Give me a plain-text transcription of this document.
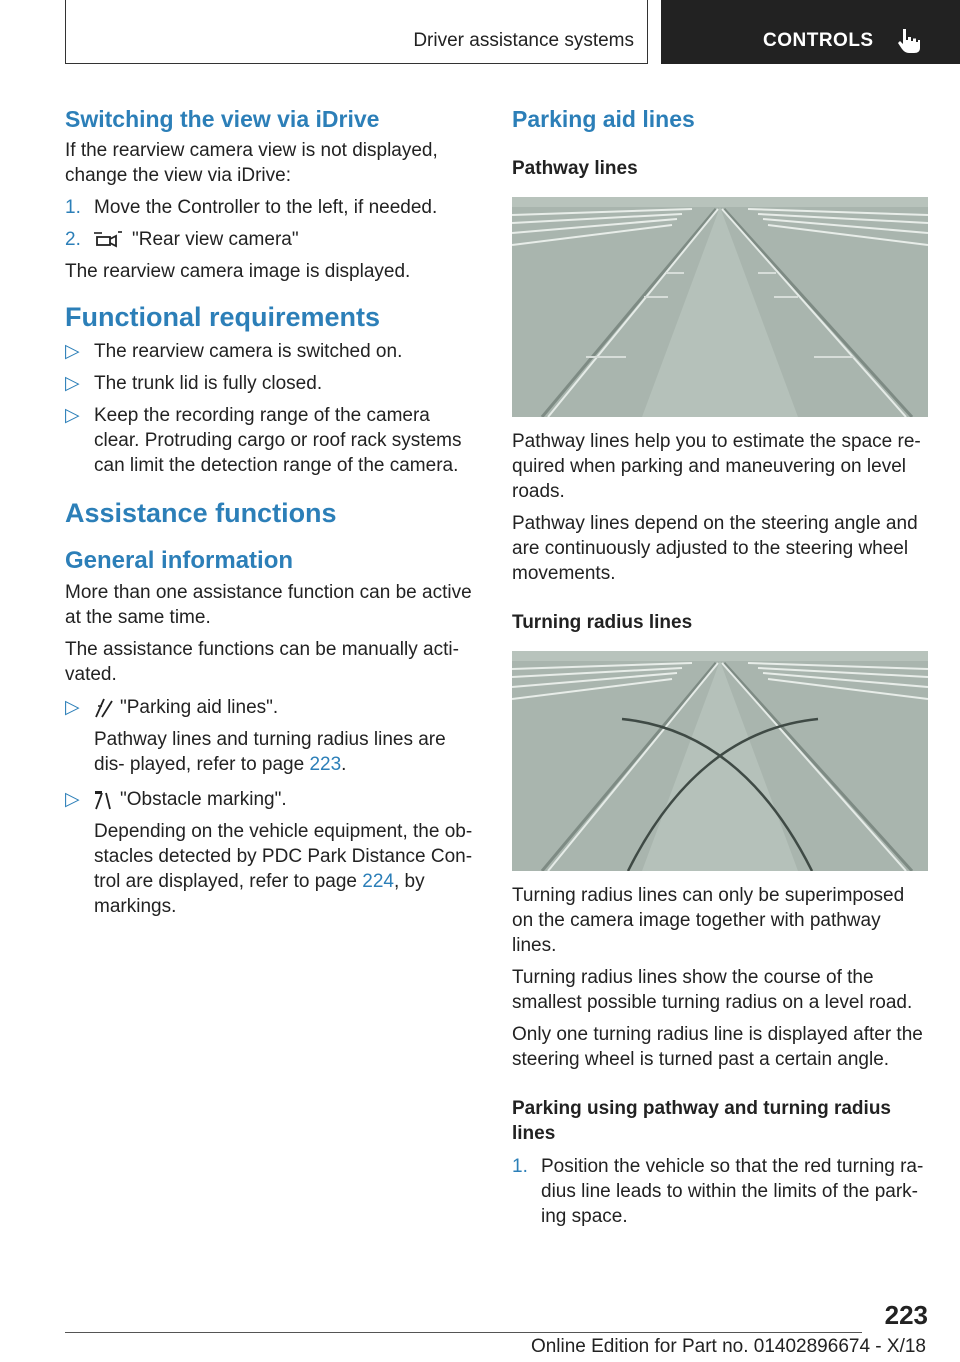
Driver assistance systems	CONTROLS
Switching the view via iDrive

If the rearview camera view is not displayed, change the view via iDrive:

1. Move the Controller to the left, if needed.
2.	"Rear view camera"

The rearview camera image is displayed.

Functional requirements
▷ The rearview camera is switched on.
▷ The trunk lid is fully closed.
▷ Keep the recording range of the camera clear. Protruding cargo or roof rack systems can limit the detection range of the camera.
Assistance functions
General information

More than one assistance function can be active at the same time.

The assistance functions can be manually acti‐ vated.

▷ "Parking aid lines".
Pathway lines and turning radius lines are dis‐ played, refer to page 223.
▷ "Obstacle marking".
Depending on the vehicle equipment, the ob‐ stacles detected by PDC Park Distance Con‐ trol are displayed, refer to page 224, by markings.
Parking aid lines
Pathway lines

Pathway lines help you to estimate the space re‐ quired when parking and maneuvering on level roads.

Pathway lines depend on the steering angle and are continuously adjusted to the steering wheel movements.

Turning radius lines

Turning radius lines can only be superimposed on the camera image together with pathway lines.

Turning radius lines show the course of the smallest possible turning radius on a level road.

Only one turning radius line is displayed after the steering wheel is turned past a certain angle.

Parking using pathway and turning radius lines
1. Position the vehicle so that the red turning ra‐ dius line leads to within the limits of the park‐ ing space.
223
Online Edition for Part no. 01402896674 - X/18
